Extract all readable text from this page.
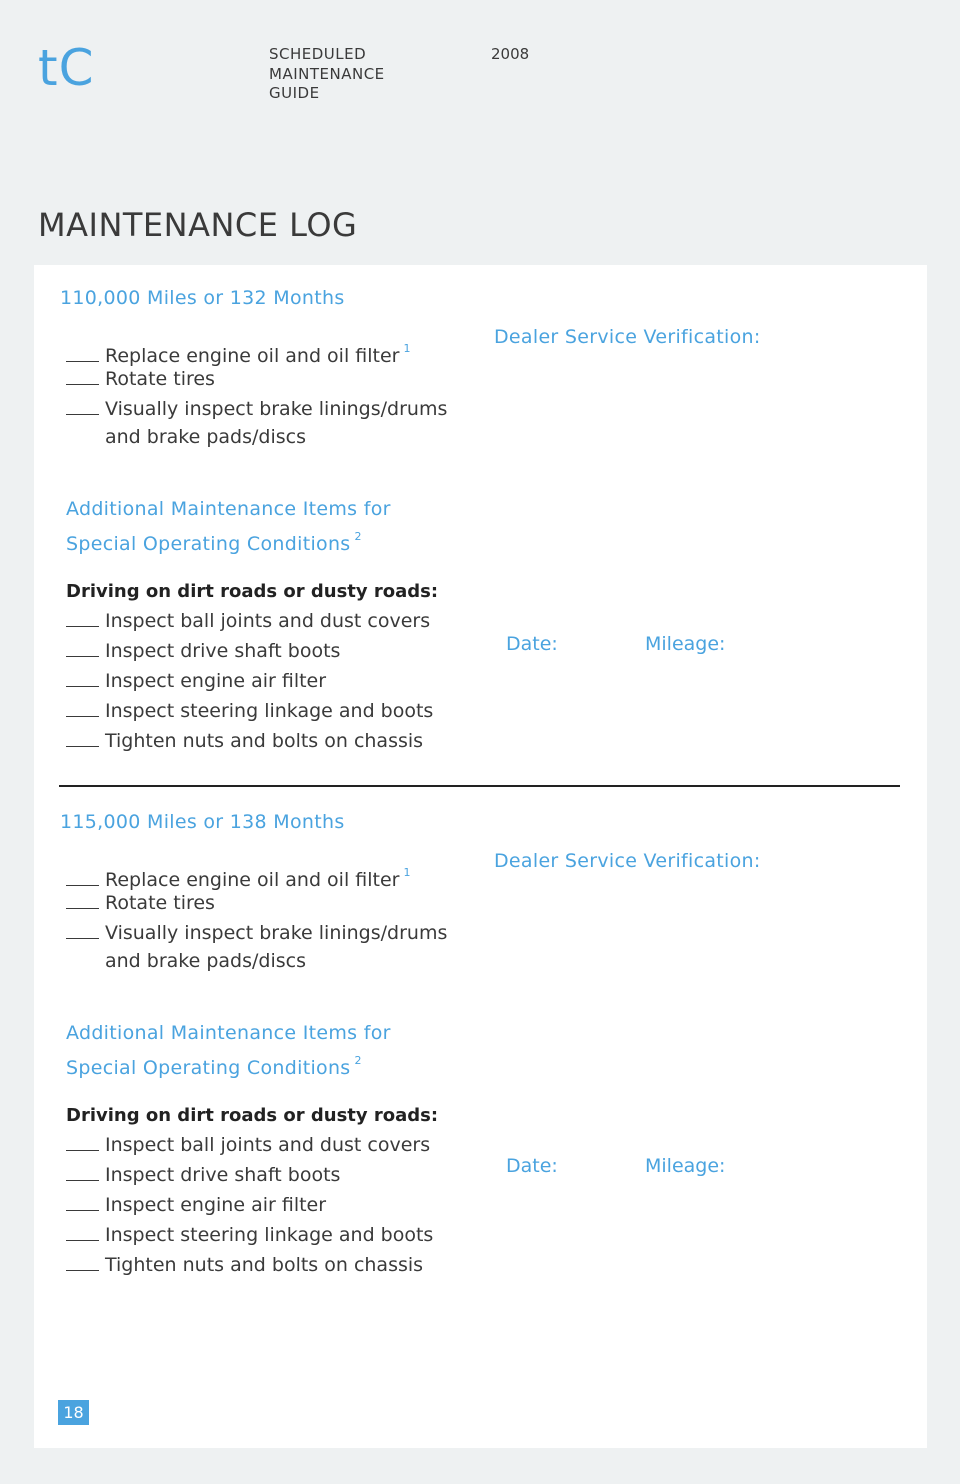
tC	SCHEDULED
MAINTENANCE
GUIDE
2008
MAINTENANCE LOG
110,000 Miles or 132 Months
Replace engine oil and oil filter $^1$
Rotate tires
Visually inspect brake linings/drums
and brake pads/discs
Additional Maintenance Items for
Special Operating Conditions $^2$
Driving on dirt roads or dusty roads:
Inspect ball joints and dust covers
Inspect drive shaft boots
Inspect engine air filter
Inspect steering linkage and boots
Tighten nuts and bolts on chassis
Dealer Service Verification:
Date:	Mileage:
115,000 Miles or 138 Months
Replace engine oil and oil filter $^1$
Rotate tires
Visually inspect brake linings/drums
and brake pads/discs
Additional Maintenance Items for
Special Operating Conditions $^2$
Driving on dirt roads or dusty roads:
Inspect ball joints and dust covers
Inspect drive shaft boots
Inspect engine air filter
Inspect steering linkage and boots
Tighten nuts and bolts on chassis
Dealer Service Verification:
Date:	Mileage:
18
